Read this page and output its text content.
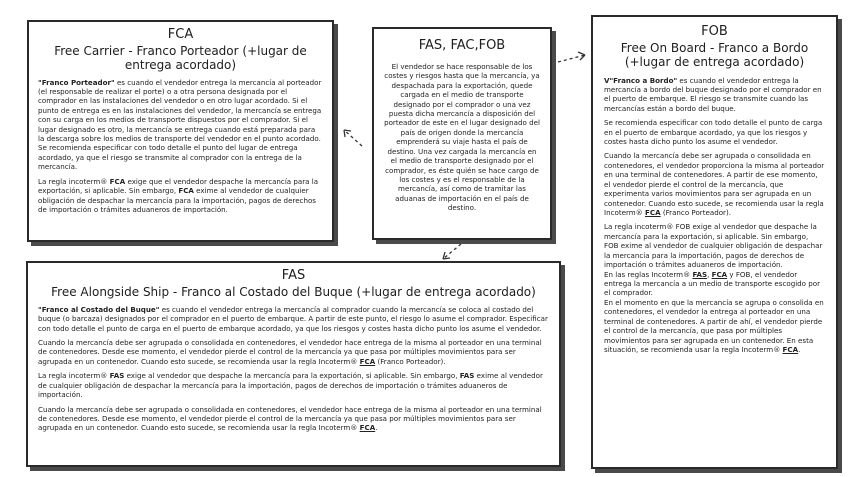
FCA
Free Carrier - Franco Porteador (+lugar de entrega acordado)

"Franco Porteador" es cuando el vendedor entrega la mercancía al porteador (el responsable de realizar el porte) o a otra persona designada por el comprador en las instalaciones del vendedor o en otro lugar acordado. Si el punto de entrega es en las instalaciones del vendedor, la mercancía se entrega con su carga en los medios de transporte dispuestos por el comprador. Si el lugar designado es otro, la mercancía se entrega cuando está preparada para la descarga sobre los medios de transporte del vendedor en el punto acordado. Se recomienda especificar con todo detalle el punto del lugar de entrega acordado, ya que el riesgo se transmite al comprador con la entrega de la mercancía.

La regla incoterm® FCA exige que el vendedor despache la mercancía para la exportación, si aplicable. Sin embargo, FCA exime al vendedor de cualquier obligación de despachar la mercancía para la importación, pagos de derechos de importación o trámites aduaneros de importación.

FAS, FAC,FOB

El vendedor se hace responsable de los costes y riesgos hasta que la mercancía, ya despachada para la exportación, quede cargada en el medio de transporte designado por el comprador o una vez puesta dicha mercancía a disposición del porteador de este en el lugar designado del país de origen donde la mercancía emprenderá su viaje hasta el país de destino. Una vez cargada la mercancía en el medio de transporte designado por el comprador, es éste quién se hace cargo de los costes y es el responsable de la mercancía, así como de tramitar las aduanas de importación en el país de destino.

FOB
Free On Board - Franco a Bordo (+lugar de entrega acordado)

V"Franco a Bordo" es cuando el vendedor entrega la mercancía a bordo del buque designado por el comprador en el puerto de embarque. El riesgo se transmite cuando las mercancías están a bordo del buque.

Se recomienda especificar con todo detalle el punto de carga en el puerto de embarque acordado, ya que los riesgos y costes hasta dicho punto los asume el vendedor.

Cuando la mercancía debe ser agrupada o consolidada en contenedores, el vendedor proporciona la misma al porteador en una terminal de contenedores. A partir de ese momento, el vendedor pierde el control de la mercancía, que experimenta varios movimientos para ser agrupada en un contenedor. Cuando esto sucede, se recomienda usar la regla Incoterm® FCA (Franco Porteador).

La regla incoterm® FOB exige al vendedor que despache la mercancía para la exportación, si aplicable. Sin embargo, FOB exime al vendedor de cualquier obligación de despachar la mercancía para la importación, pagos de derechos de importación o trámites aduaneros de importación.
En las reglas Incoterm® FAS, FCA y FOB, el vendedor entrega la mercancía a un medio de transporte escogido por el comprador.
En el momento en que la mercancía se agrupa o consolida en contenedores, el vendedor la entrega al porteador en una terminal de contenedores. A partir de ahí, el vendedor pierde el control de la mercancía, que pasa por múltiples movimientos para ser agrupada en un contenedor. En esta situación, se recomienda usar la regla Incoterm® FCA.

FAS
Free Alongside Ship - Franco al Costado del Buque (+lugar de entrega acordado)

"Franco al Costado del Buque" es cuando el vendedor entrega la mercancía al comprador cuando la mercancía se coloca al costado del buque (o barcaza) designados por el comprador en el puerto de embarque. A partir de este punto, el riesgo lo asume el comprador. Especificar con todo detalle el punto de carga en el puerto de embarque acordado, ya que los riesgos y costes hasta dicho punto los asume el vendedor.

Cuando la mercancía debe ser agrupada o consolidada en contenedores, el vendedor hace entrega de la misma al porteador en una terminal de contenedores. Desde ese momento, el vendedor pierde el control de la mercancía ya que pasa por múltiples movimientos para ser agrupada en un contenedor. Cuando esto sucede, se recomienda usar la regla Incoterm® FCA (Franco Porteador).

La regla incoterm® FAS exige al vendedor que despache la mercancía para la exportación, si aplicable. Sin embargo, FAS exime al vendedor de cualquier obligación de despachar la mercancía para la importación, pagos de derechos de importación o trámites aduaneros de importación.

Cuando la mercancía debe ser agrupada o consolidada en contenedores, el vendedor hace entrega de la misma al porteador en una terminal de contenedores. Desde ese momento, el vendedor pierde el control de la mercancía ya que pasa por múltiples movimientos para ser agrupada en un contenedor. Cuando esto sucede, se recomienda usar la regla Incoterm® FCA.
